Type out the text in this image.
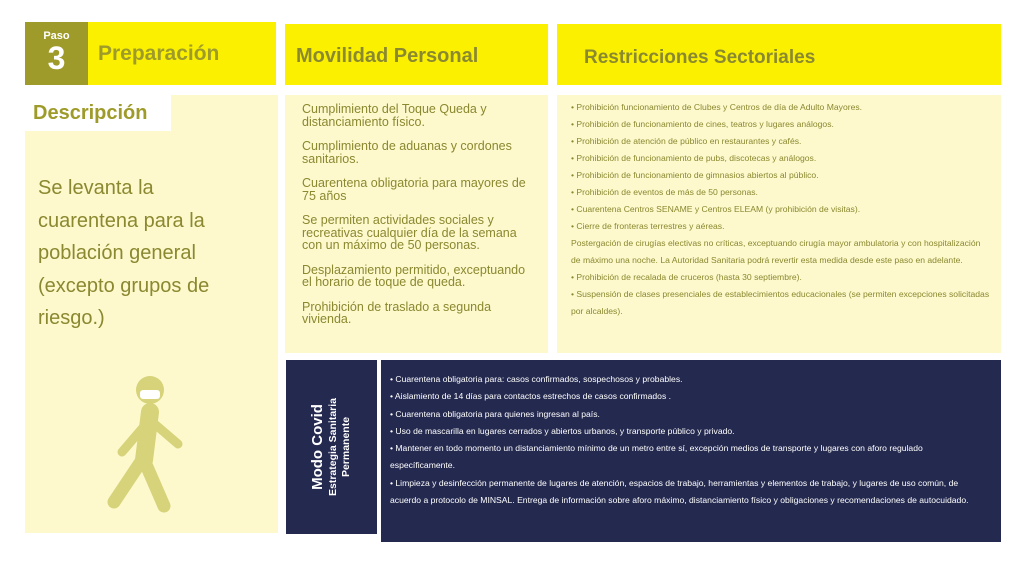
Paso
3	Preparación	Movilidad Personal	Restricciones Sectoriales
Descripción
Se levanta la cuarentena para la población general (excepto grupos de riesgo.)
Cumplimiento del Toque Queda y distanciamiento físico.
Cumplimiento de aduanas y cordones sanitarios.
Cuarentena obligatoria para mayores de 75 años
Se permiten actividades sociales y recreativas cualquier día de la semana con un máximo de 50 personas.
Desplazamiento permitido, exceptuando el horario de toque de queda.
Prohibición de traslado a segunda vivienda.
• Prohibición funcionamiento de Clubes y Centros de día de Adulto Mayores.
• Prohibición de funcionamiento de cines, teatros y lugares análogos.
• Prohibición de atención de público en restaurantes y cafés.
• Prohibición de funcionamiento de pubs, discotecas y análogos.
• Prohibición de funcionamiento de gimnasios abiertos al público.
• Prohibición de eventos de más de 50 personas.
• Cuarentena Centros SENAME y Centros ELEAM (y prohibición de visitas).
• Cierre de fronteras terrestres y aéreas.
Postergación de cirugías electivas no críticas, exceptuando cirugía mayor ambulatoria y con hospitalización de máximo una noche. La Autoridad Sanitaria podrá revertir esta medida desde este paso en adelante.
• Prohibición de recalada de cruceros (hasta 30 septiembre).
• Suspensión de clases presenciales de establecimientos educacionales (se permiten excepciones solicitadas por alcaldes).
Modo Covid Estrategia Sanitaria Permanente
• Cuarentena obligatoria para: casos confirmados, sospechosos y probables.
• Aislamiento de 14 días para contactos estrechos de casos confirmados .
• Cuarentena obligatoria para quienes ingresan al país.
• Uso de mascarilla en lugares cerrados y abiertos urbanos, y transporte público y privado.
• Mantener en todo momento un distanciamiento mínimo de un metro entre sí, excepción medios de transporte y lugares con aforo regulado específicamente.
• Limpieza y desinfección permanente de lugares de atención, espacios de trabajo, herramientas y elementos de trabajo, y lugares de uso común, de acuerdo a protocolo de MINSAL. Entrega de información sobre aforo máximo, distanciamiento físico y obligaciones y recomendaciones de autocuidado.
